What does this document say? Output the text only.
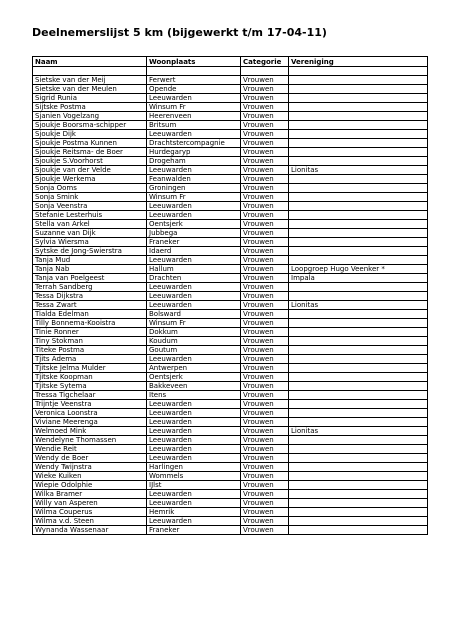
Deelnemerslijst 5 km (bijgewerkt t/m 17-04-11)
Naam	Woonplaats	Categorie	Vereniging

Sietske van der Meij	Ferwert	Vrouwen	
Sietske van der Meulen	Opende	Vrouwen	
Sigrid Runia	Leeuwarden	Vrouwen	
Sijtske Postma	Winsum Fr	Vrouwen	
Sjanien Vogelzang	Heerenveen	Vrouwen	
Sjoukje Boorsma-schipper	Britsum	Vrouwen	
Sjoukje Dijk	Leeuwarden	Vrouwen	
Sjoukje Postma Kunnen	Drachtstercompagnie	Vrouwen	
Sjoukje Reitsma- de Boer	Hurdegaryp	Vrouwen	
Sjoukje S.Voorhorst	Drogeham	Vrouwen	
Sjoukje van der Velde	Leeuwarden	Vrouwen	Lionitas
Sjoukje Werkema	Feanwalden	Vrouwen	
Sonja Ooms	Groningen	Vrouwen	
Sonja Smink	Winsum Fr	Vrouwen	
Sonja Veenstra	Leeuwarden	Vrouwen	
Stefanie Lesterhuis	Leeuwarden	Vrouwen	
Stella van Arkel	Oentsjerk	Vrouwen	
Suzanne van Dijk	Jubbega	Vrouwen	
Sylvia Wiersma	Franeker	Vrouwen	
Sytske de Jong-Swierstra	Idaerd	Vrouwen	
Tanja Mud	Leeuwarden	Vrouwen	
Tanja Nab	Hallum	Vrouwen	Loopgroep Hugo Veenker *
Tanja van Poelgeest	Drachten	Vrouwen	Impala
Terrah Sandberg	Leeuwarden	Vrouwen	
Tessa Dijkstra	Leeuwarden	Vrouwen	
Tessa Zwart	Leeuwarden	Vrouwen	Lionitas
Tialda Edelman	Bolsward	Vrouwen	
Tilly Bonnema-Kooistra	Winsum Fr	Vrouwen	
Tinie Ronner	Dokkum	Vrouwen	
Tiny Stokman	Koudum	Vrouwen	
Titeke Postma	Goutum	Vrouwen	
Tjits Adema	Leeuwarden	Vrouwen	
Tjitske Jelma Mulder	Antwerpen	Vrouwen	
Tjitske Koopman	Oentsjerk	Vrouwen	
Tjitske Sytema	Bakkeveen	Vrouwen	
Tressa Tigchelaar	Itens	Vrouwen	
Trijntje Veenstra	Leeuwarden	Vrouwen	
Veronica Loonstra	Leeuwarden	Vrouwen	
Viviane Meerenga	Leeuwarden	Vrouwen	
Welmoed Mink	Leeuwarden	Vrouwen	Lionitas
Wendelyne Thomassen	Leeuwarden	Vrouwen	
Wendie Reit	Leeuwarden	Vrouwen	
Wendy de Boer	Leeuwarden	Vrouwen	
Wendy Twijnstra	Harlingen	Vrouwen	
Wieke Kuiken	Wommels	Vrouwen	
Wiepie Odolphie	IJlst	Vrouwen	
Wilka Bramer	Leeuwarden	Vrouwen	
Willy van Asperen	Leeuwarden	Vrouwen	
Wilma Couperus	Hemrik	Vrouwen	
Wilma v.d. Steen	Leeuwarden	Vrouwen	
Wynanda Wassenaar	Franeker	Vrouwen	
